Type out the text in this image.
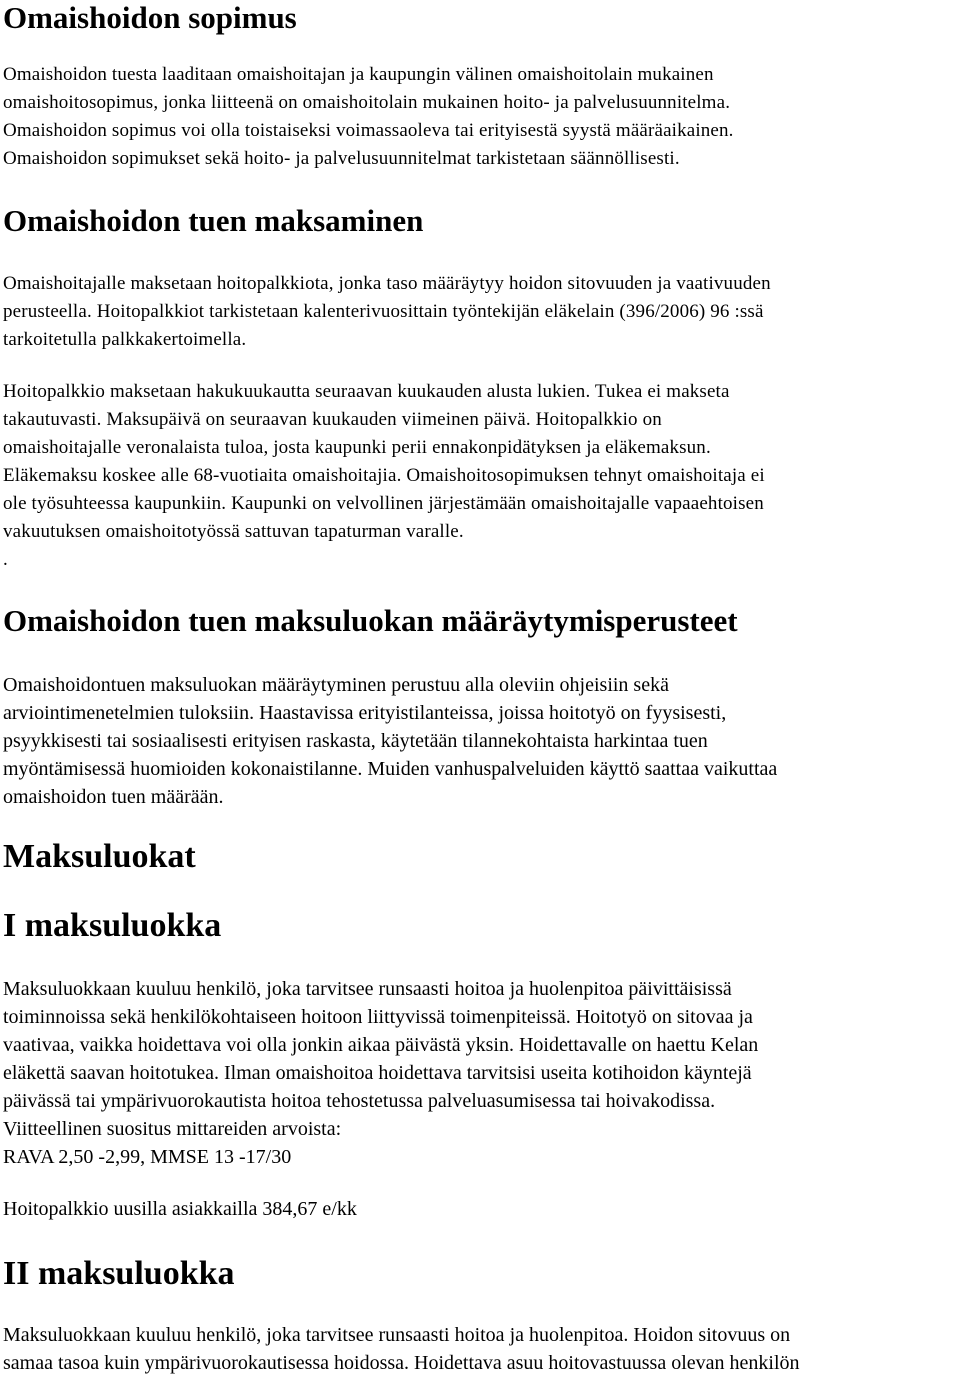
Omaishoidon sopimus

Omaishoidon tuesta laaditaan omaishoitajan ja kaupungin välinen omaishoitolain mukainen
omaishoitosopimus, jonka liitteenä on omaishoitolain mukainen hoito- ja palvelusuunnitelma.
Omaishoidon sopimus voi olla toistaiseksi voimassaoleva tai erityisestä syystä määräaikainen.
Omaishoidon sopimukset sekä hoito- ja palvelusuunnitelmat tarkistetaan säännöllisesti.

Omaishoidon tuen maksaminen

Omaishoitajalle maksetaan hoitopalkkiota, jonka taso määräytyy hoidon sitovuuden ja vaativuuden
perusteella. Hoitopalkkiot tarkistetaan kalenterivuosittain työntekijän eläkelain (396/2006) 96 :ssä
tarkoitetulla palkkakertoimella.

Hoitopalkkio maksetaan hakukuukautta seuraavan kuukauden alusta lukien. Tukea ei makseta
takautuvasti. Maksupäivä on seuraavan kuukauden viimeinen päivä. Hoitopalkkio on
omaishoitajalle veronalaista tuloa, josta kaupunki perii ennakonpidätyksen ja eläkemaksun.
Eläkemaksu koskee alle 68-vuotiaita omaishoitajia. Omaishoitosopimuksen tehnyt omaishoitaja ei
ole työsuhteessa kaupunkiin. Kaupunki on velvollinen järjestämään omaishoitajalle vapaaehtoisen
vakuutuksen omaishoitotyössä sattuvan tapaturman varalle.
.

Omaishoidon tuen maksuluokan määräytymisperusteet

Omaishoidontuen maksuluokan määräytyminen perustuu alla oleviin ohjeisiin sekä
arviointimenetelmien tuloksiin. Haastavissa erityistilanteissa, joissa hoitotyö on fyysisesti,
psyykkisesti tai sosiaalisesti erityisen raskasta, käytetään tilannekohtaista harkintaa tuen
myöntämisessä huomioiden kokonaistilanne. Muiden vanhuspalveluiden käyttö saattaa vaikuttaa
omaishoidon tuen määrään.

Maksuluokat
I maksuluokka

Maksuluokkaan kuuluu henkilö, joka tarvitsee runsaasti hoitoa ja huolenpitoa päivittäisissä
toiminnoissa sekä henkilökohtaiseen hoitoon liittyvissä toimenpiteissä. Hoitotyö on sitovaa ja
vaativaa, vaikka hoidettava voi olla jonkin aikaa päivästä yksin. Hoidettavalle on haettu Kelan
eläkettä saavan hoitotukea. Ilman omaishoitoa hoidettava tarvitsisi useita kotihoidon käyntejä
päivässä tai ympärivuorokautista hoitoa tehostetussa palveluasumisessa tai hoivakodissa.
Viitteellinen suositus mittareiden arvoista:
RAVA 2,50 -2,99, MMSE 13 -17/30

Hoitopalkkio uusilla asiakkailla 384,67 e/kk

II maksuluokka

Maksuluokkaan kuuluu henkilö, joka tarvitsee runsaasti hoitoa ja huolenpitoa. Hoidon sitovuus on
samaa tasoa kuin ympärivuorokautisessa hoidossa. Hoidettava asuu hoitovastuussa olevan henkilön
